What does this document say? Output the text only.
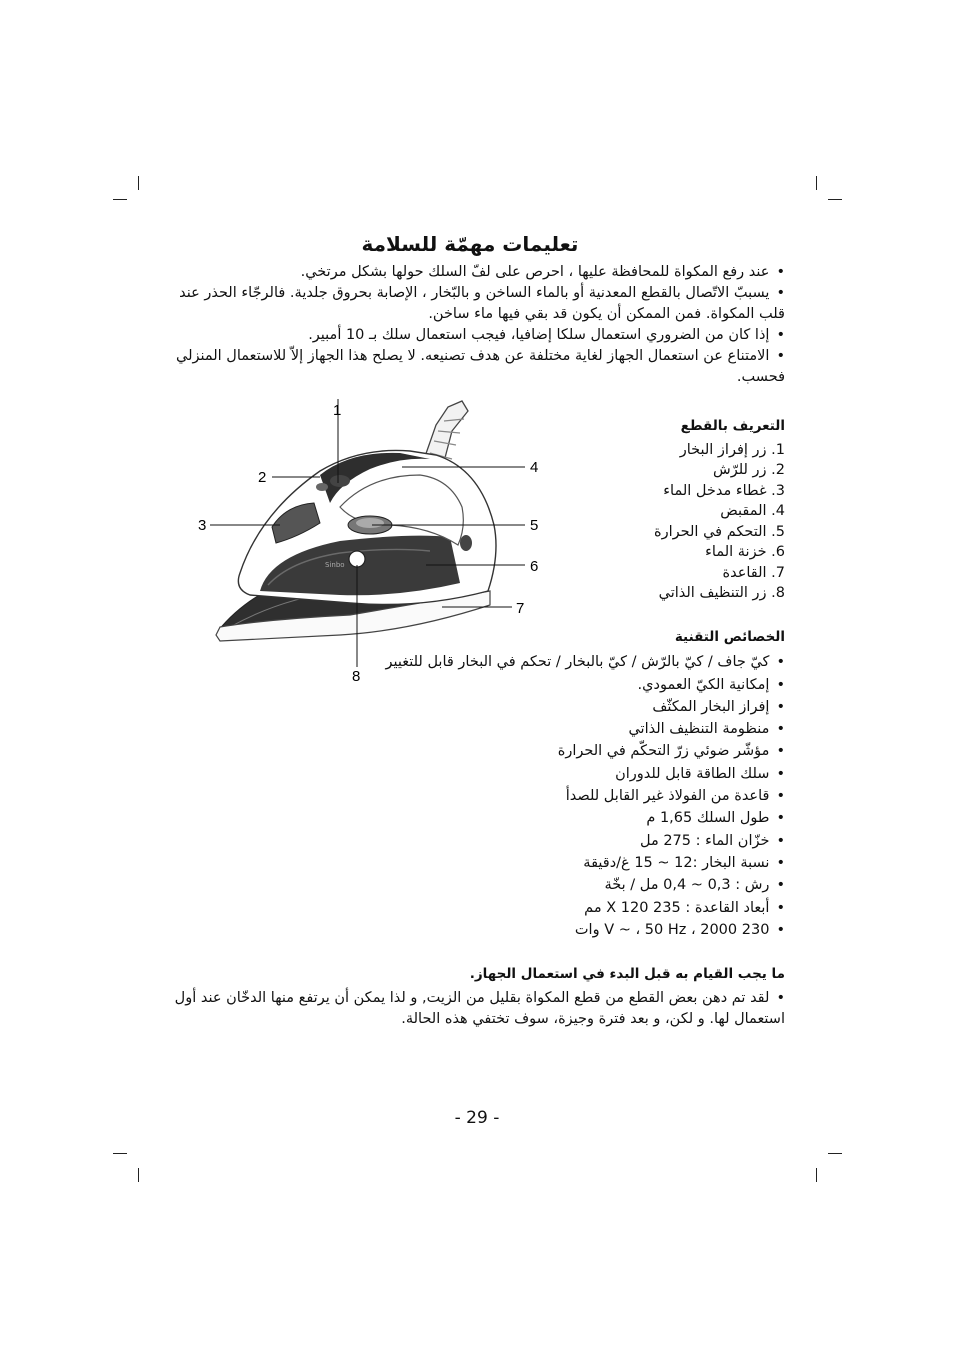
تعليمات مهمّة للسلامة

• عند رفع المكواة للمحافظة عليها ، احرص على لفّ السلك حولها بشكل مرتخي.

• يسببّ الاتّصال بالقطع المعدنية أو بالماء الساخن و بالبّخار ، الإصابة بحروق جلدية. فالرجّاء الحذر عند قلب المكواة. فمن الممكن أن يكون قد بقي فيها ماء ساخن.

• إذا كان من الضروري استعمال سلكا إضافيا، فيجب استعمال سلك بـ 10 أمبير.

• الامتناع عن استعمال الجهاز لغاية مختلفة عن هدف تصنيعه. لا يصلح هذا الجهاز إلاّ للاستعمال المنزلي فحسب.

Sinbo
1
2
3
4
5
6
7
8
التعريف بالقطع

1. زر إفراز البخار

2. زر للرّش

3. غطاء مدخل الماء

4. المقبض

5. التحكم في الحرارة

6. خزنة الماء

7. القاعدة

8. زر التنظيف الذاتي

الخصائص التقنية

• كيّ جاف / كيّ بالرّش / كيّ بالبخار / تحكم في البخار قابل للتغيير

• إمكانية الكيّ العمودي.

• إفراز البخار المكثّف

• منظومة التنظيف الذاتي

• مؤشّر ضوئي زرّ التحكّم في الحرارة

• سلك الطاقة قابل للدوران

• قاعدة من الفولاذ غير القابل للصدأ

• طول السلك 1,65 م

• خزّان الماء : 275 مل

• نسبة البخار :12 ~ 15 غ/دقيقة

• رش : 0,3 ~ 0,4 مل / بخّة

• أبعاد القاعدة : 235 X 120 مم

• 230 V ~ ، 50 Hz ، 2000 وات

ما يجب القيام به قبل البدء في استعمال الجهاز.

• لقد تم دهن بعض القطع من قطع المكواة بقليل من الزيت, و لذا يمكن أن يرتفع منها الدخّان عند أول استعمال لها. و لكن، و بعد فترة وجيزة، سوف تختفي هذه الحالة.

- 29 -
